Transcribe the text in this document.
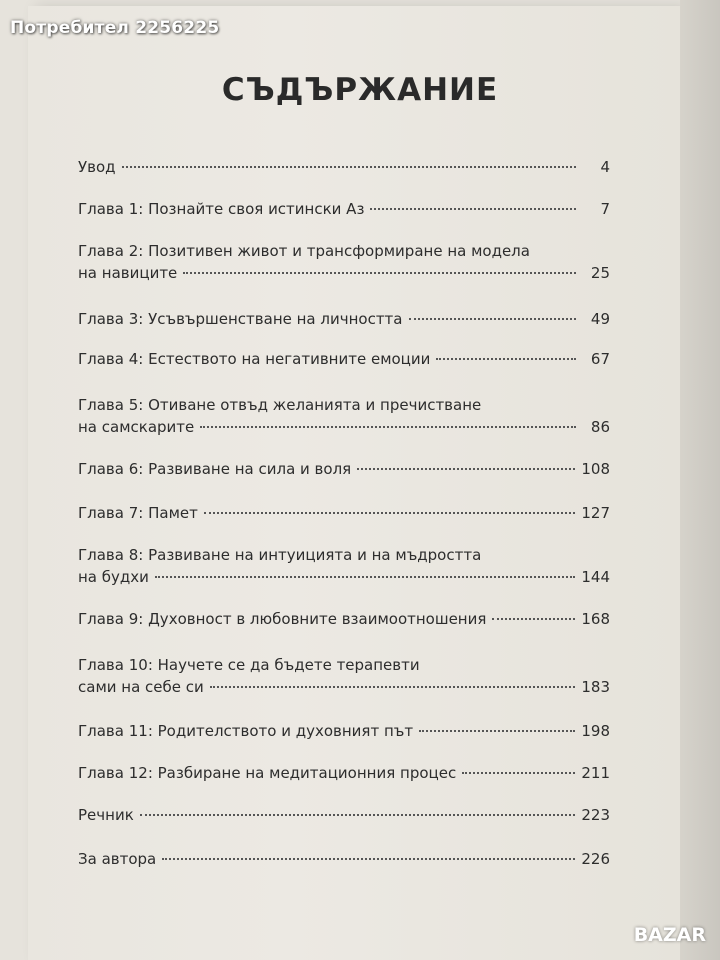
Потребител 2256225
СЪДЪРЖАНИЕ
Увод	4
Глава 1: Познайте своя истински Аз	7
Глава 2: Позитивен живот и трансформиране на модела
на навиците	25
Глава 3: Усъвършенстване на личността	49
Глава 4: Естеството на негативните емоции	67
Глава 5: Отиване отвъд желанията и пречистване
на самскарите	86
Глава 6: Развиване на сила и воля	108
Глава 7: Памет	127
Глава 8: Развиване на интуицията и на мъдростта
на будхи	144
Глава 9: Духовност в любовните взаимоотношения	168
Глава 10: Научете се да бъдете терапевти
сами на себе си	183
Глава 11: Родителството и духовният път	198
Глава 12: Разбиране на медитационния процес	211
Речник	223
За автора	226
BAZAR
